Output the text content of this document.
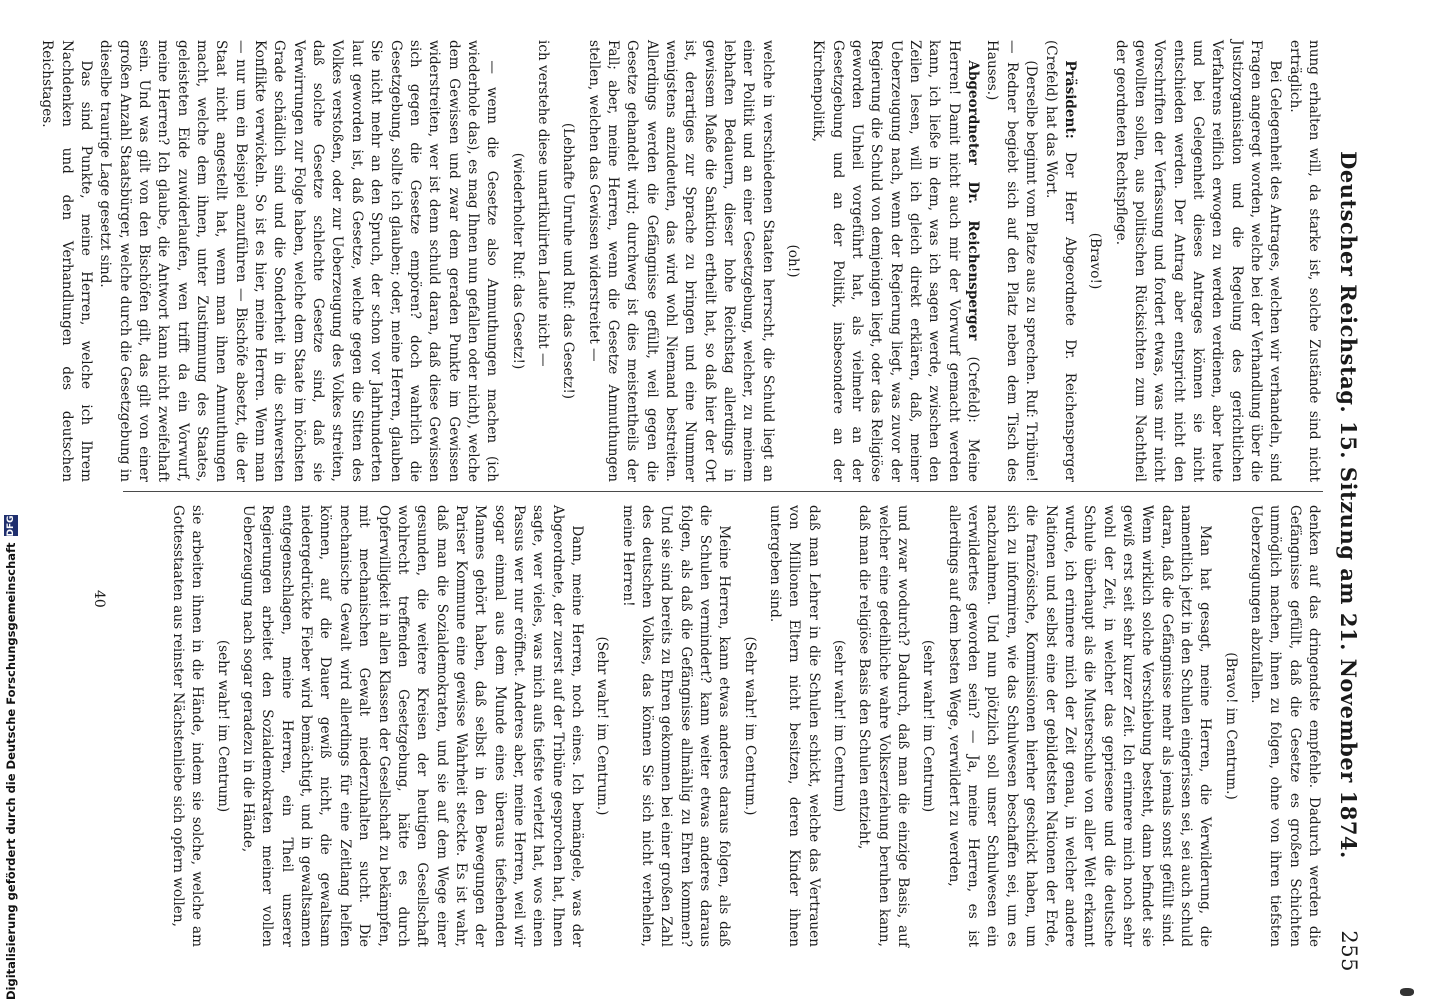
Deutscher Reichstag. 15. Sitzung am 21. November 1874.
255

nung erhalten will, da starke ist, solche Zustände sind nicht erträglich.

Bei Gelegenheit des Antrages, welchen wir verhandeln, sind Fragen angeregt worden, welche bei der Verhandlung über die Justizorganisation und die Regelung des gerichtlichen Verfahrens reiflich erwogen zu werden verdienen, aber heute und bei Gelegenheit dieses Antrages können sie nicht entschieden werden. Der Antrag aber entspricht nicht den Vorschriften der Verfassung und fordert etwas, was mir nicht gewollten sollen, aus politischen Rücksichten zum Nachtheil der geordneten Rechtspflege.

(Bravo!)

Präsident: Der Herr Abgeordnete Dr. Reichensperger (Crefeld) hat das Wort.

(Derselbe beginnt vom Platze aus zu sprechen. Ruf: Tribüne! — Redner begiebt sich auf den Platz neben dem Tisch des Hauses.)

Abgeordneter Dr. Reichensperger (Crefeld): Meine Herren! Damit nicht auch mir der Vorwurf gemacht werden kann, ich ließe in dem, was ich sagen werde, zwischen den Zeilen lesen, will ich gleich direkt erklären, daß, meiner Ueberzeugung nach, wenn der Regierung liegt, was zuvor der Regierung die Schuld von demjenigen liegt, oder das Religiöse geworden Unheil vorgeführt hat, als vielmehr an der Gesetzgebung und an der Politik, insbesondere an der Kirchenpolitik,

(oh!)

welche in verschiedenen Staaten herrscht, die Schuld liegt an einer Politik und an einer Gesetzgebung, welcher, zu meinem lebhaften Bedauern, dieser hohe Reichstag allerdings in gewissem Maße die Sanktion ertheilt hat, so daß hier der Ort ist, derartiges zur Sprache zu bringen und eine Nummer wenigstens anzudeuten, das wird wohl Niemand bestreiten. Allerdings werden die Gefängnisse gefüllt, weil gegen die Gesetze gehandelt wird; durchweg ist dies meistentheils der Fall; aber, meine Herren, wenn die Gesetze Anmuthungen stellen, welchen das Gewissen widerstreitet —

(Lebhafte Unruhe und Ruf: das Gesetz!)

ich verstehe diese unartikulirten Laute nicht —

(wiederholter Ruf: das Gesetz!)

— wenn die Gesetze also Anmuthungen machen (ich wiederhole das), es mag Ihnen nun gefallen oder nicht), welche dem Gewissen und zwar dem geraden Punkte im Gewissen widerstreiten, wer ist denn schuld daran, daß diese Gewissen sich gegen die Gesetze empören? doch wahrlich die Gesetzgebung, sollte ich glauben; oder, meine Herren, glauben Sie nicht mehr an den Spruch, der schon vor Jahrhunderten laut geworden ist, daß Gesetze, welche gegen die Sitten des Volkes verstoßen, oder zur Ueberzeugung des Volkes streiten, daß solche Gesetze schlechte Gesetze sind, daß sie Verwirrungen zur Folge haben, welche dem Staate im höchsten Grade schädlich sind und die Sonderheit in die schwersten Konflikte verwickeln. So ist es hier, meine Herren. Wenn man — nur um ein Beispiel anzuführen — Bischöfe absetzt, die der Staat nicht angestellt hat, wenn man ihnen Anmuthungen macht, welche dem ihnen, unter Zustimmung des Staates, geleisteten Eide zuwiderlaufen, wen trifft da ein Vorwurf, meine Herren? Ich glaube, die Antwort kann nicht zweifelhaft sein. Und was gilt von den Bischöfen gilt, das gilt von einer großen Anzahl Staatsbürger, welche durch die Gesetzgebung in dieselbe traurige Lage gesetzt sind.

Das sind Punkte, meine Herren, welche ich Ihrem Nachdenken und den Verhandlungen des deutschen Reichstages.

denken auf das dringendste empfehle. Dadurch werden die Gefängnisse gefüllt, daß die Gesetze es großen Schichten unmöglich machen, ihnen zu folgen, ohne von ihren tiefsten Ueberzeugungen abzufallen.

(Bravo! im Centrum.)

Man hat gesagt, meine Herren, die Verwilderung, die namentlich jetzt in den Schulen eingerissen sei, sei auch schuld daran, daß die Gefängnisse mehr als jemals sonst gefüllt sind. Wenn wirklich solche Verschiebung besteht, dann befindet sie gewiß erst seit sehr kurzer Zeit. Ich erinnere mich noch sehr wohl der Zeit, in welcher das gepriesene und die deutsche Schule überhaupt als die Musterschule von aller Welt erkannt wurde, ich erinnere mich der Zeit genau, in welcher andere Nationen und selbst eine der gebildetsten Nationen der Erde, die französische, Kommissionen hierher geschickt haben, um sich zu informiren, wie das Schulwesen beschaffen sei, um es nachzuahmen. Und nun plötzlich soll unser Schulwesen ein verwildertes geworden sein? — Ja, meine Herren, es ist allerdings auf dem besten Wege, verwildert zu werden,

(sehr wahr! im Centrum)

und zwar wodurch? Dadurch, daß man die einzige Basis, auf welcher eine gedeihliche wahre Volkserziehung beruhen kann, daß man die religiöse Basis den Schulen entzieht,

(sehr wahr! im Centrum)

daß man Lehrer in die Schulen schickt, welche das Vertrauen von Millionen Eltern nicht besitzen, deren Kinder ihnen untergeben sind.

(Sehr wahr! im Centrum.)

Meine Herren, kann etwas anderes daraus folgen, als daß die Schulen vermindert? kann weiter etwas anderes daraus folgen, als daß die Gefängnisse allmählig zu Ehren kommen? Und sie sind bereits zu Ehren gekommen bei einer großen Zahl des deutschen Volkes, das können Sie sich nicht verhehlen, meine Herren!

(Sehr wahr! im Centrum.)

Dann, meine Herren, noch eines. Ich bemängele, was der Abgeordnete, der zuerst auf der Tribüne gesprochen hat, Ihnen sagte, wer vieles, was mich aufs tiefste verletzt hat, wos einen Passus wer nur eröffnet. Anderes aber, meine Herren, weil wir sogar einmal aus dem Munde eines überaus tiefsehenden Mannes gehört haben, daß selbst in den Bewegungen der Pariser Kommune eine gewisse Wahrheit steckte. Es ist wahr, daß man die Sozialdemokraten, und sie auf dem Wege einer gesunden, die weitere Kreisen der heutigen Gesellschaft wohlrecht treffenden Gesetzgebung, hätte es durch Opferwilligkeit in allen Klassen der Gesellschaft zu bekämpfen, mit mechanischen Gewalt niederzuhalten sucht. Die mechanische Gewalt wird allerdings für eine Zeitlang helfen können, auf die Dauer gewiß nicht, die gewaltsam niedergedrückte Fieber wird bemächtigt, und in gewaltsamen entgegenschlagen, meine Herren, ein Theil unserer Regierungen arbeitet den Sozialdemokraten meiner vollen Ueberzeugung nach sogar geradezu in die Hände,

(sehr wahr! im Centrum)

sie arbeiten ihnen in die Hände, indem sie solche, welche am Gottesstaaten aus reinster Nächstenliebe sich opfern wollen,

40
Digitalisierung gefördert durch die Deutsche Forschungsgemeinschaft
DFG
